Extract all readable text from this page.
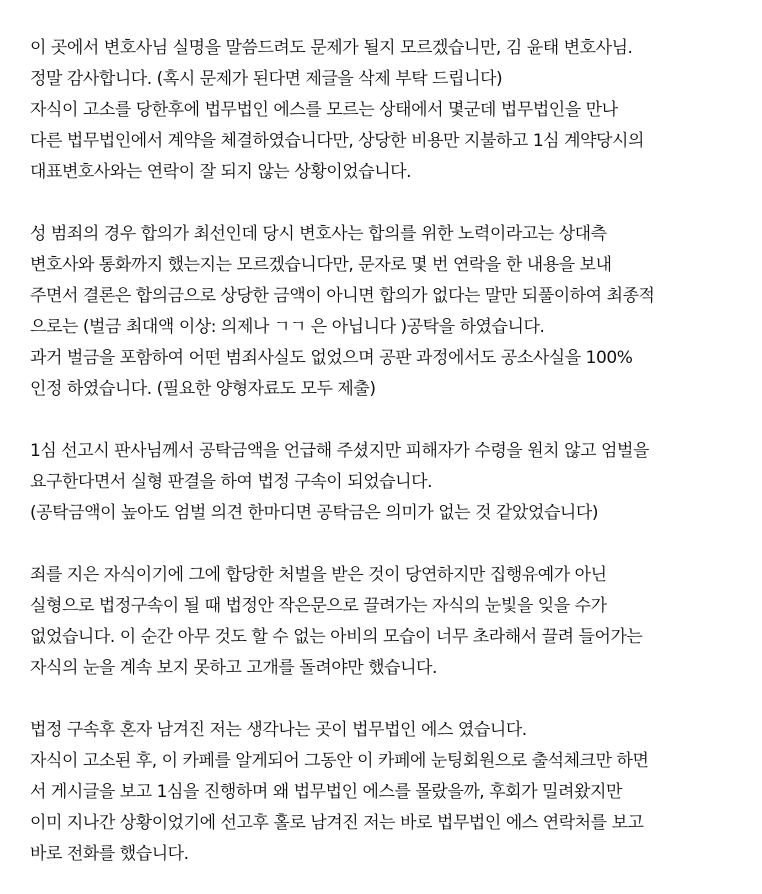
이 곳에서 변호사님 실명을 말씀드려도 문제가 될지 모르겠습니만, 김 윤태 변호사님.
정말 감사합니다. (혹시 문제가 된다면 제글을 삭제 부탁 드립니다)
자식이 고소를 당한후에 법무법인 에스를 모르는 상태에서 몇군데 법무법인을 만나
다른 법무법인에서 계약을 체결하였습니다만, 상당한 비용만 지불하고 1심 계약당시의
대표변호사와는 연락이 잘 되지 않는 상황이었습니다.
성 범죄의 경우 합의가 최선인데 당시 변호사는 합의를 위한 노력이라고는 상대측
변호사와 통화까지 했는지는 모르겠습니다만, 문자로 몇 번 연락을 한 내용을 보내
주면서 결론은 합의금으로 상당한 금액이 아니면 합의가 없다는 말만 되풀이하여 최종적
으로는 (벌금 최대액 이상: 의제나 ㄱㄱ 은 아닙니다 )공탁을 하였습니다.
과거 벌금을 포함하여 어떤 범죄사실도 없었으며 공판 과정에서도 공소사실을 100%
인정 하였습니다. (필요한 양형자료도 모두 제출)
1심 선고시 판사님께서 공탁금액을 언급해 주셨지만 피해자가 수령을 원치 않고 엄벌을
요구한다면서 실형 판결을 하여 법정 구속이 되었습니다.
(공탁금액이 높아도 엄벌 의견 한마디면 공탁금은 의미가 없는 것 같았었습니다)
죄를 지은 자식이기에 그에 합당한 처벌을 받은 것이 당연하지만 집행유예가 아닌
실형으로 법정구속이 될 때 법정안 작은문으로 끌려가는 자식의 눈빛을 잊을 수가
없었습니다. 이 순간 아무 것도 할 수 없는 아비의 모습이 너무 초라해서 끌려 들어가는
자식의 눈을 계속 보지 못하고 고개를 돌려야만 했습니다.
법정 구속후 혼자 남겨진 저는 생각나는 곳이 법무법인 에스 였습니다.
자식이 고소된 후, 이 카페를 알게되어 그동안 이 카페에 눈팅회원으로 출석체크만 하면
서 게시글을 보고 1심을 진행하며 왜 법무법인 에스를 몰랐을까, 후회가 밀려왔지만
이미 지나간 상황이었기에 선고후 홀로 남겨진 저는 바로 법무법인 에스 연락처를 보고
바로 전화를 했습니다.
